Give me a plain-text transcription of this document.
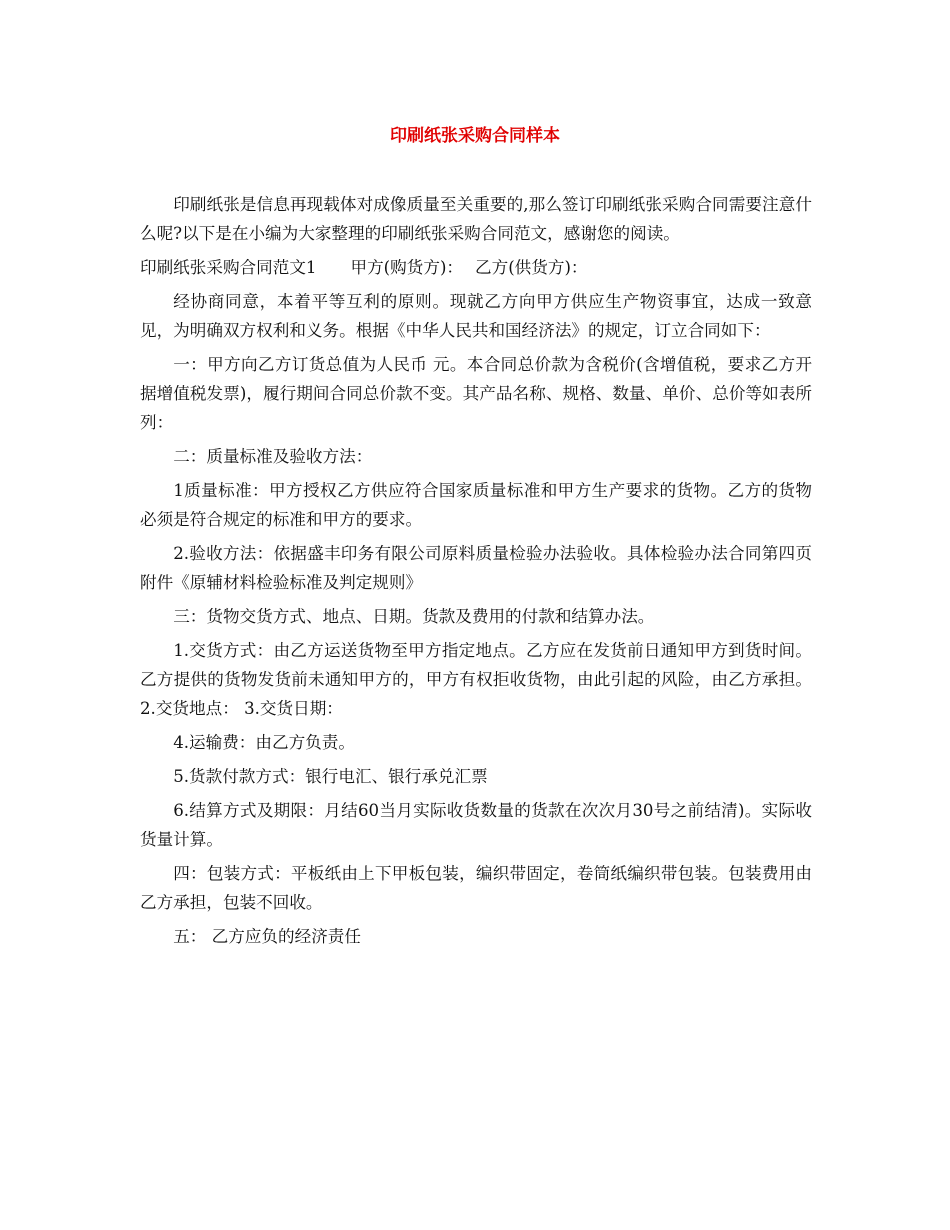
印刷纸张采购合同样本

印刷纸张是信息再现载体对成像质量至关重要的,那么签订印刷纸张采购合同需要注意什么呢?以下是在小编为大家整理的印刷纸张采购合同范文，感谢您的阅读。

印刷纸张采购合同范文1 甲方(购货方)： 乙方(供货方)：

经协商同意，本着平等互利的原则。现就乙方向甲方供应生产物资事宜，达成一致意见，为明确双方权利和义务。根据《中华人民共和国经济法》的规定，订立合同如下：

一：甲方向乙方订货总值为人民币 元。本合同总价款为含税价(含增值税，要求乙方开据增值税发票)，履行期间合同总价款不变。其产品名称、规格、数量、单价、总价等如表所列：

二：质量标准及验收方法：

1质量标准：甲方授权乙方供应符合国家质量标准和甲方生产要求的货物。乙方的货物必须是符合规定的标准和甲方的要求。

2.验收方法：依据盛丰印务有限公司原料质量检验办法验收。具体检验办法合同第四页附件《原辅材料检验标准及判定规则》

三：货物交货方式、地点、日期。货款及费用的付款和结算办法。

1.交货方式：由乙方运送货物至甲方指定地点。乙方应在发货前日通知甲方到货时间。乙方提供的货物发货前未通知甲方的，甲方有权拒收货物，由此引起的风险，由乙方承担。 2.交货地点： 3.交货日期：

4.运输费：由乙方负责。

5.货款付款方式：银行电汇、银行承兑汇票

6.结算方式及期限：月结60当月实际收货数量的货款在次次月30号之前结清)。实际收货量计算。

四：包装方式：平板纸由上下甲板包装，编织带固定，卷筒纸编织带包装。包装费用由乙方承担，包装不回收。

五： 乙方应负的经济责任
